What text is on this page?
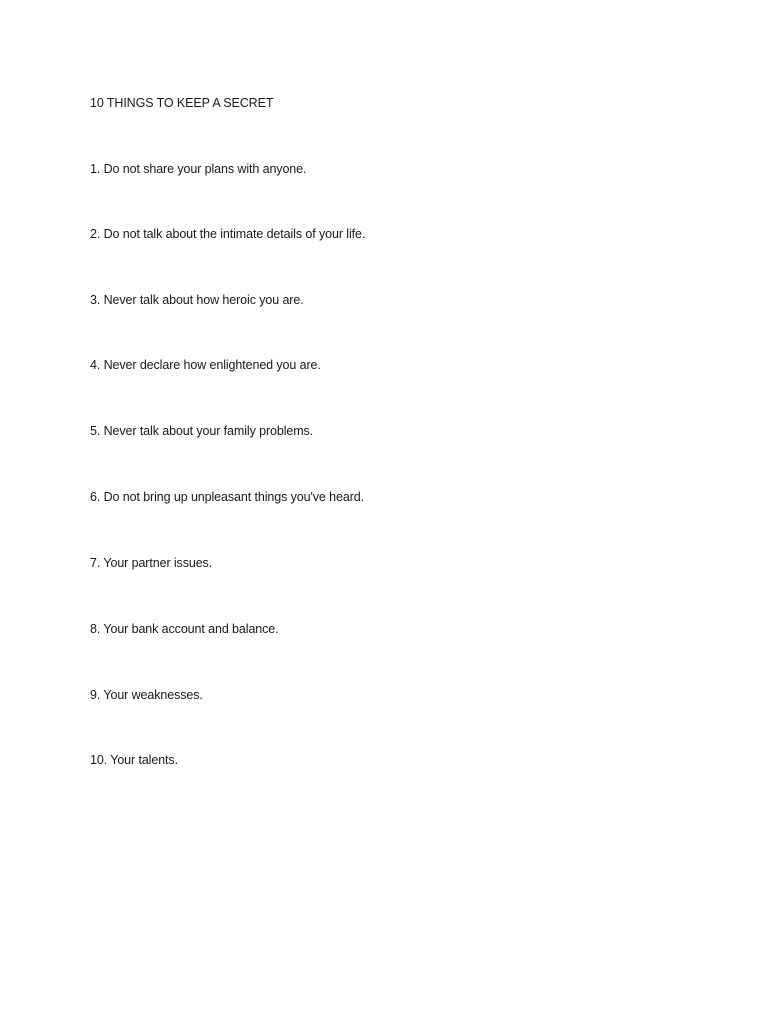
10 THINGS TO KEEP A SECRET

1. Do not share your plans with anyone.

2. Do not talk about the intimate details of your life.

3. Never talk about how heroic you are.

4. Never declare how enlightened you are.

5. Never talk about your family problems.

6. Do not bring up unpleasant things you've heard.

7. Your partner issues.

8. Your bank account and balance.

9. Your weaknesses.

10. Your talents.
